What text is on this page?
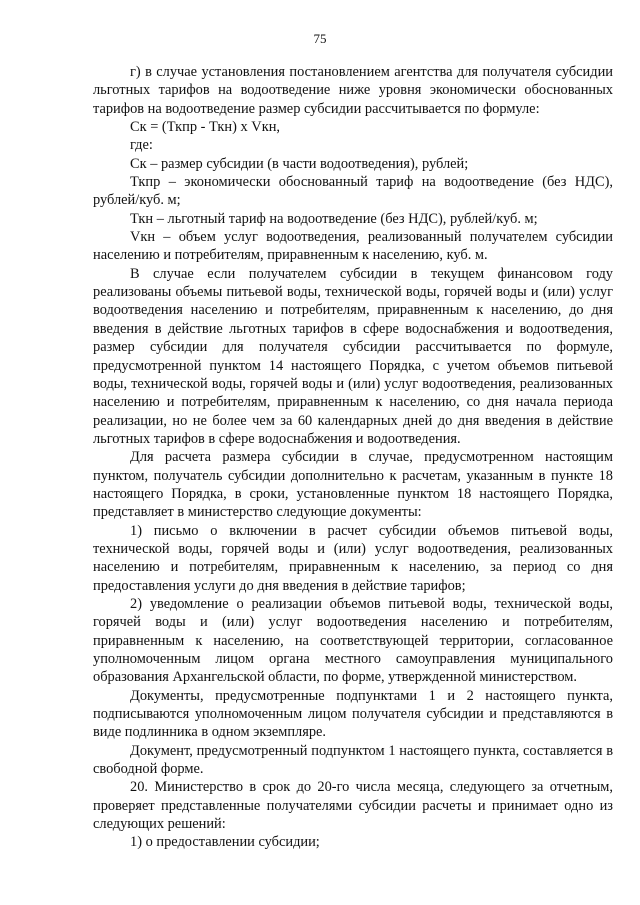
75

г) в случае установления постановлением агентства для получателя субсидии льготных тарифов на водоотведение ниже уровня экономически обоснованных тарифов на водоотведение размер субсидии рассчитывается по формуле:

Ск = (Ткпр - Ткн) х Vкн,

где:

Ск – размер субсидии (в части водоотведения), рублей;

Ткпр – экономически обоснованный тариф на водоотведение (без НДС), рублей/куб. м;

Ткн – льготный тариф на водоотведение (без НДС), рублей/куб. м;

Vкн – объем услуг водоотведения, реализованный получателем субсидии населению и потребителям, приравненным к населению, куб. м.

В случае если получателем субсидии в текущем финансовом году реализованы объемы питьевой воды, технической воды, горячей воды и (или) услуг водоотведения населению и потребителям, приравненным к населению, до дня введения в действие льготных тарифов в сфере водоснабжения и водоотведения, размер субсидии для получателя субсидии рассчитывается по формуле, предусмотренной пунктом 14 настоящего Порядка, с учетом объемов питьевой воды, технической воды, горячей воды и (или) услуг водоотведения, реализованных населению и потребителям, приравненным к населению, со дня начала периода реализации, но не более чем за 60 календарных дней до дня введения в действие льготных тарифов в сфере водоснабжения и водоотведения.

Для расчета размера субсидии в случае, предусмотренном настоящим пунктом, получатель субсидии дополнительно к расчетам, указанным в пункте 18 настоящего Порядка, в сроки, установленные пунктом 18 настоящего Порядка, представляет в министерство следующие документы:

1) письмо о включении в расчет субсидии объемов питьевой воды, технической воды, горячей воды и (или) услуг водоотведения, реализованных населению и потребителям, приравненным к населению, за период со дня предоставления услуги до дня введения в действие тарифов;

2) уведомление о реализации объемов питьевой воды, технической воды, горячей воды и (или) услуг водоотведения населению и потребителям, приравненным к населению, на соответствующей территории, согласованное уполномоченным лицом органа местного самоуправления муниципального образования Архангельской области, по форме, утвержденной министерством.

Документы, предусмотренные подпунктами 1 и 2 настоящего пункта, подписываются уполномоченным лицом получателя субсидии и представляются в виде подлинника в одном экземпляре.

Документ, предусмотренный подпунктом 1 настоящего пункта, составляется в свободной форме.

20. Министерство в срок до 20-го числа месяца, следующего за отчетным, проверяет представленные получателями субсидии расчеты и принимает одно из следующих решений:

1) о предоставлении субсидии;
